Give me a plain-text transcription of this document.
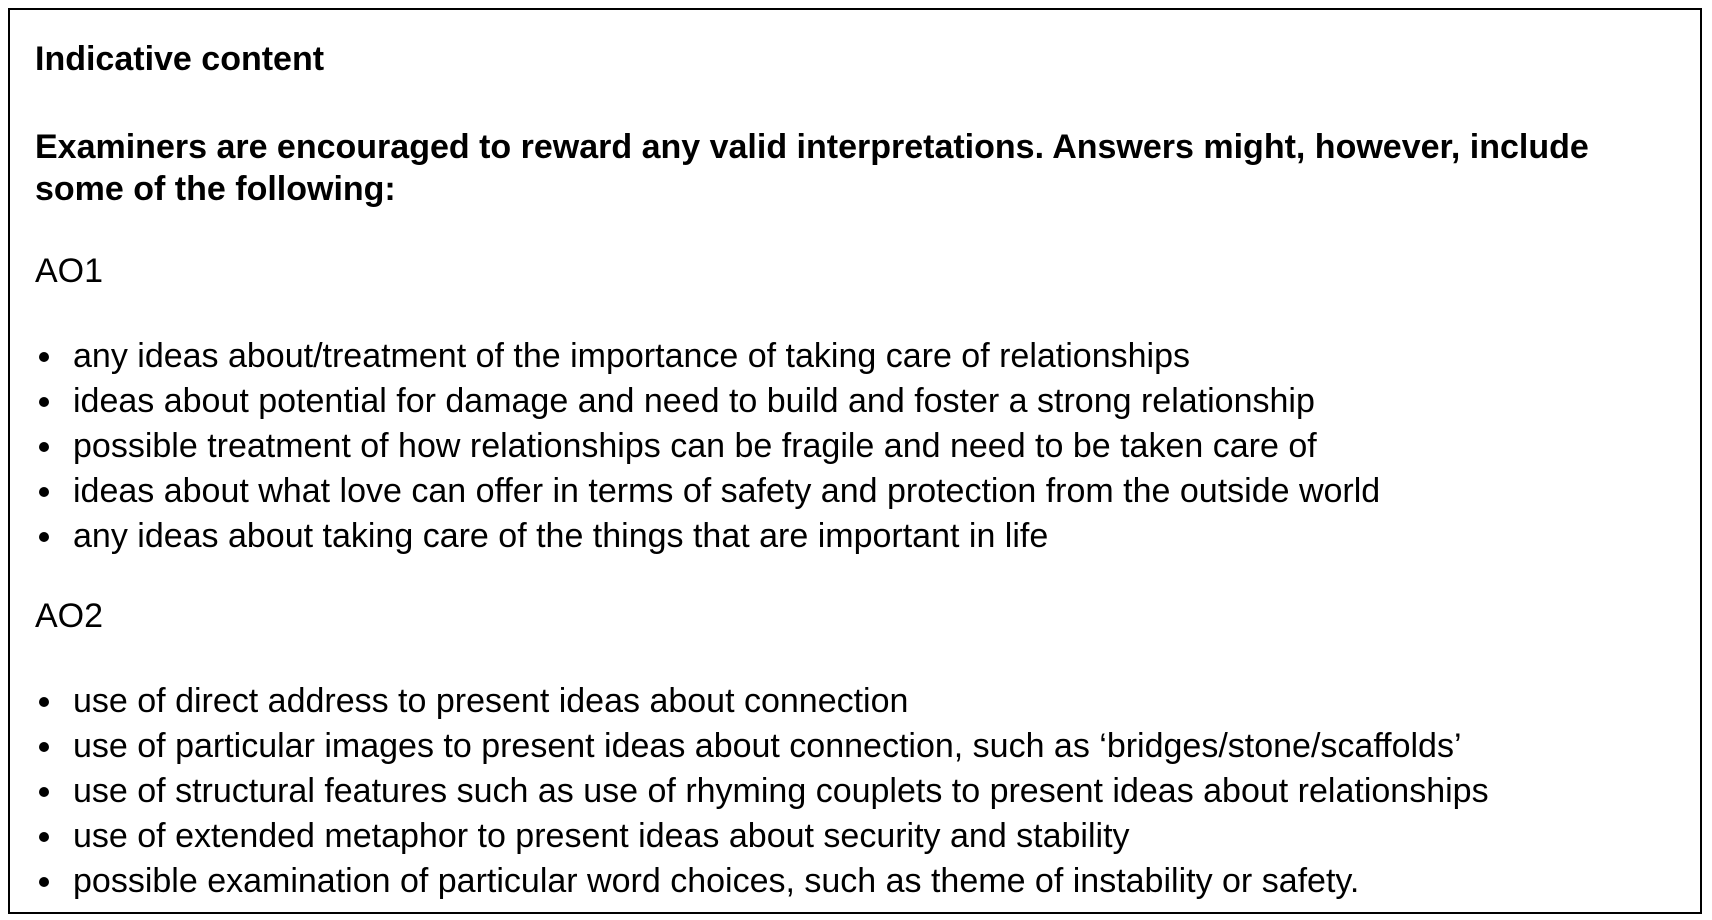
Indicative content

Examiners are encouraged to reward any valid interpretations. Answers might, however, include some of the following:

AO1

any ideas about/treatment of the importance of taking care of relationships
ideas about potential for damage and need to build and foster a strong relationship
possible treatment of how relationships can be fragile and need to be taken care of
ideas about what love can offer in terms of safety and protection from the outside world
any ideas about taking care of the things that are important in life

AO2

use of direct address to present ideas about connection
use of particular images to present ideas about connection, such as ‘bridges/stone/scaffolds’
use of structural features such as use of rhyming couplets to present ideas about relationships
use of extended metaphor to present ideas about security and stability
possible examination of particular word choices, such as theme of instability or safety.
